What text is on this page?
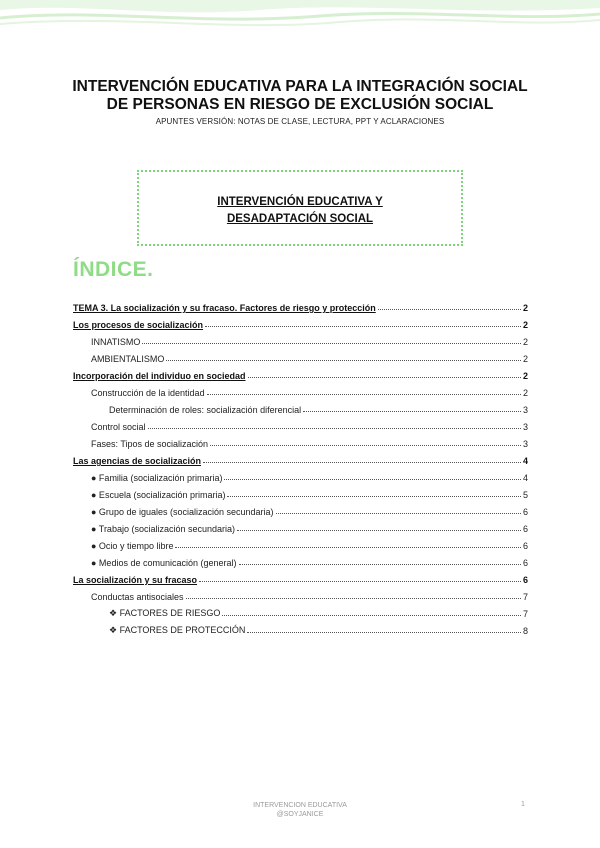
INTERVENCIÓN EDUCATIVA PARA LA INTEGRACIÓN SOCIAL
DE PERSONAS EN RIESGO DE EXCLUSIÓN SOCIAL
APUNTES VERSIÓN: NOTAS DE CLASE, LECTURA, PPT Y ACLARACIONES
INTERVENCIÓN EDUCATIVA Y
DESADAPTACIÓN SOCIAL
ÍNDICE.
TEMA 3. La socialización y su fracaso. Factores de riesgo y protección	2
Los procesos de socialización	2
INNATISMO	2
AMBIENTALISMO	2
Incorporación del individuo en sociedad	2
Construcción de la identidad	2
Determinación de roles: socialización diferencial	3
Control social	3
Fases: Tipos de socialización	3
Las agencias de socialización	4
● Familia (socialización primaria)	4
● Escuela (socialización primaria)	5
● Grupo de iguales (socialización secundaria)	6
● Trabajo (socialización secundaria)	6
● Ocio y tiempo libre	6
● Medios de comunicación (general)	6
La socialización y su fracaso	6
Conductas antisociales	7
❖ FACTORES DE RIESGO	7
❖ FACTORES DE PROTECCIÓN	8
INTERVENCION EDUCATIVA
@SOYJANICE
1
